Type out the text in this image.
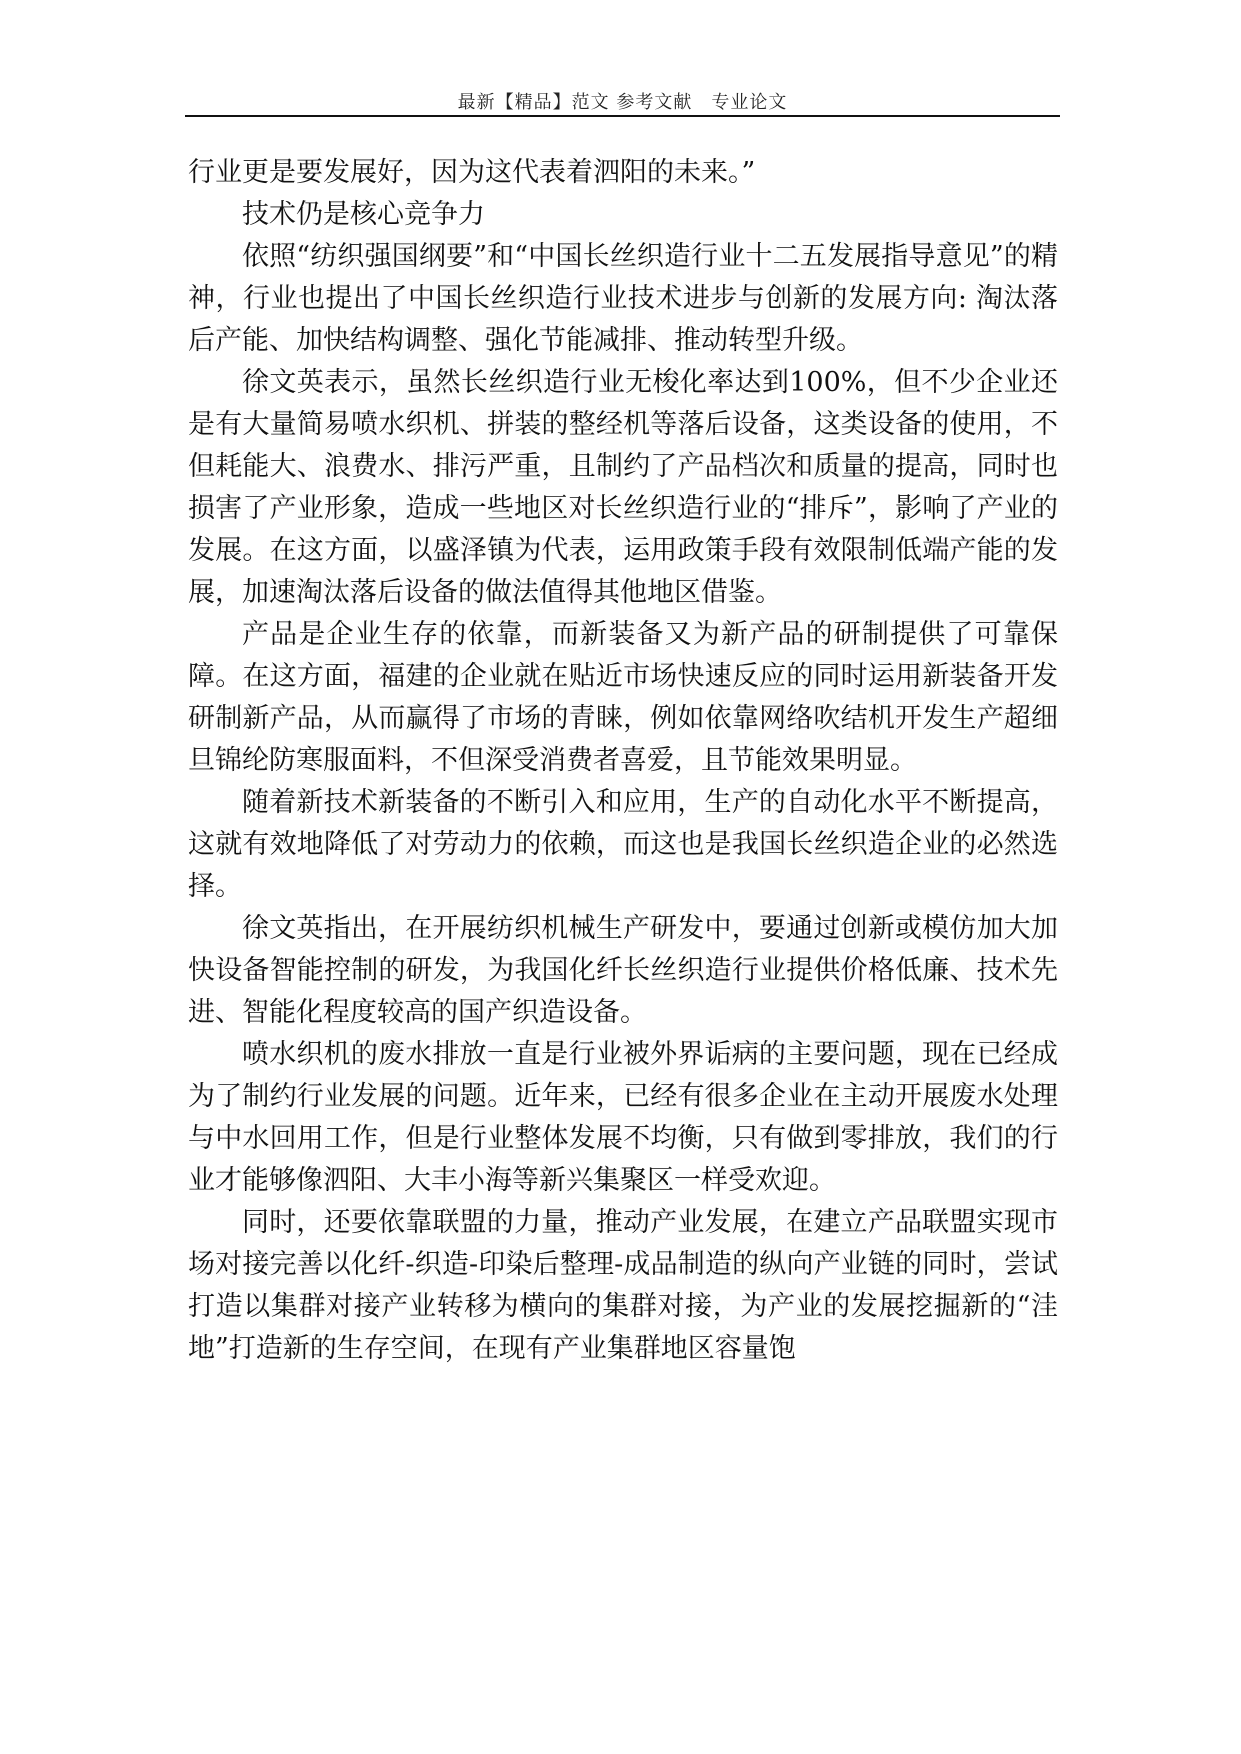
最新【精品】范文 参考文献　专业论文

行业更是要发展好，因为这代表着泗阳的未来。”

技术仍是核心竞争力

依照“纺织强国纲要”和“中国长丝织造行业十二五发展指导意见”的精神，行业也提出了中国长丝织造行业技术进步与创新的发展方向: 淘汰落后产能、加快结构调整、强化节能减排、推动转型升级。

徐文英表示，虽然长丝织造行业无梭化率达到100%，但不少企业还是有大量简易喷水织机、拼装的整经机等落后设备，这类设备的使用，不但耗能大、浪费水、排污严重，且制约了产品档次和质量的提高，同时也损害了产业形象，造成一些地区对长丝织造行业的“排斥”，影响了产业的发展。在这方面，以盛泽镇为代表，运用政策手段有效限制低端产能的发展，加速淘汰落后设备的做法值得其他地区借鉴。

产品是企业生存的依靠，而新装备又为新产品的研制提供了可靠保障。在这方面，福建的企业就在贴近市场快速反应的同时运用新装备开发研制新产品，从而赢得了市场的青睐，例如依靠网络吹结机开发生产超细旦锦纶防寒服面料，不但深受消费者喜爱，且节能效果明显。

随着新技术新装备的不断引入和应用，生产的自动化水平不断提高，这就有效地降低了对劳动力的依赖，而这也是我国长丝织造企业的必然选择。

徐文英指出，在开展纺织机械生产研发中，要通过创新或模仿加大加快设备智能控制的研发，为我国化纤长丝织造行业提供价格低廉、技术先进、智能化程度较高的国产织造设备。

喷水织机的废水排放一直是行业被外界诟病的主要问题，现在已经成为了制约行业发展的问题。近年来，已经有很多企业在主动开展废水处理与中水回用工作，但是行业整体发展不均衡，只有做到零排放，我们的行业才能够像泗阳、大丰小海等新兴集聚区一样受欢迎。

同时，还要依靠联盟的力量，推动产业发展，在建立产品联盟实现市场对接完善以化纤-织造-印染后整理-成品制造的纵向产业链的同时，尝试打造以集群对接产业转移为横向的集群对接，为产业的发展挖掘新的“洼地”打造新的生存空间，在现有产业集群地区容量饱
